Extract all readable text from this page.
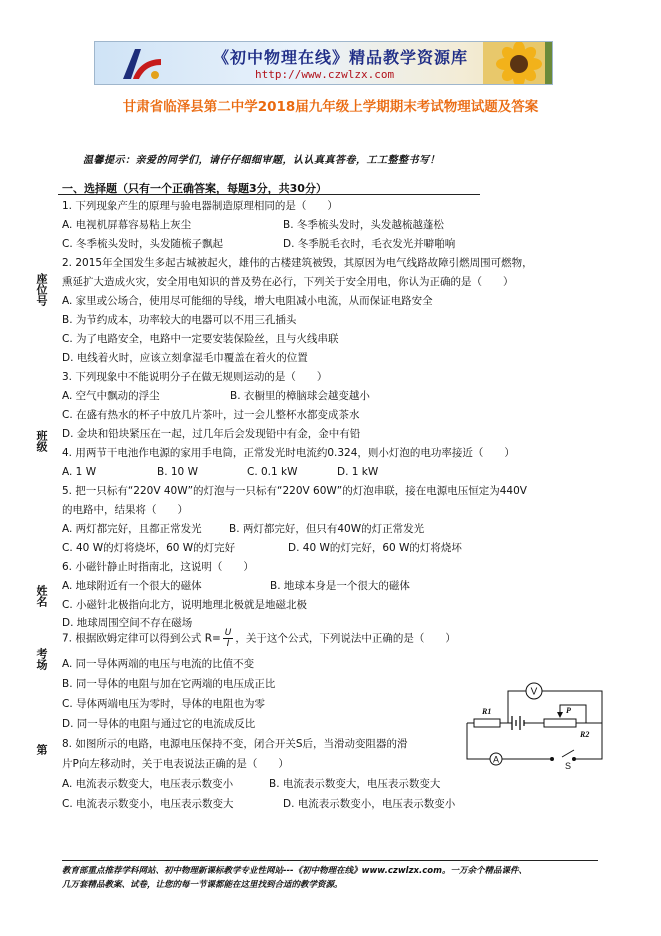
《初中物理在线》精品教学资源库
http://www.czwlzx.com
甘肃省临泽县第二中学2018届九年级上学期期末考试物理试题及答案
温馨提示：亲爱的同学们，请仔仔细细审题，认认真真答卷，工工整整书写！
一、选择题（只有一个正确答案，每题3分，共30分）
座位号
班级
姓名
考场
第
1. 下列现象产生的原理与验电器制造原理相同的是（　　）
A. 电视机屏幕容易粘上灰尘	B. 冬季梳头发时，头发越梳越蓬松
C. 冬季梳头发时，头发随梳子飘起	D. 冬季脱毛衣时，毛衣发光并噼啪响
2. 2015年全国发生多起古城被起火，雄伟的古楼建筑被毁，其原因为电气线路故障引燃周围可燃物，
熏延扩大造成火灾，安全用电知识的普及势在必行，下列关于安全用电，你认为正确的是（　　）
A. 家里或公场合，使用尽可能细的导线，增大电阻减小电流，从而保证电路安全
B. 为节约成本，功率较大的电器可以不用三孔插头
C. 为了电路安全，电路中一定要安装保险丝，且与火线串联
D. 电线着火时，应该立刻拿湿毛巾覆盖在着火的位置
3. 下列现象中不能说明分子在做无规则运动的是（　　）
A. 空气中飘动的浮尘	B. 衣橱里的樟脑球会越变越小
C. 在盛有热水的杯子中放几片茶叶，过一会儿整杯水都变成茶水
D. 金块和铅块紧压在一起，过几年后会发现铅中有金，金中有铅
4. 用两节干电池作电源的家用手电筒，正常发光时电流约0.324，则小灯泡的电功率接近（　　）
A. 1 W	B. 10 W	C. 0.1 kW	D. 1 kW
5. 把一只标有“220V 40W”的灯泡与一只标有“220V 60W”的灯泡串联，接在电源电压恒定为440V
的电路中，结果将（　　）
A. 两灯都完好，且都正常发光	B. 两灯都完好，但只有40W的灯正常发光
C. 40 W的灯将烧坏，60 W的灯完好	D. 40 W的灯完好，60 W的灯将烧坏
6. 小磁针静止时指南北，这说明（　　）
A. 地球附近有一个很大的磁体	B. 地球本身是一个很大的磁体
C. 小磁针北极指向北方，说明地理北极就是地磁北极
D. 地球周围空间不存在磁场
7. 根据欧姆定律可以得到公式 $R= \frac{U}{I}$ ，关于这个公式，下列说法中正确的是（　　）
A. 同一导体两端的电压与电流的比值不变
B. 同一导体的电阻与加在它两端的电压成正比
C. 导体两端电压为零时，导体的电阻也为零
D. 同一导体的电阻与通过它的电流成反比
8. 如图所示的电路，电源电压保持不变，闭合开关S后，当滑动变阻器的滑
片P向左移动时，关于电表说法正确的是（　　）
A. 电流表示数变大，电压表示数变小	B. 电流表示数变大，电压表示数变大
C. 电流表示数变小，电压表示数变大	D. 电流表示数变小，电压表示数变小
V
A
R1
R2
P
S
教育部重点推荐学科网站、初中物理新课标教学专业性网站---《初中物理在线》www.czwlzx.com。一万余个精品课件、
几万套精品教案、试卷，让您的每一节课都能在这里找到合适的教学资源。
